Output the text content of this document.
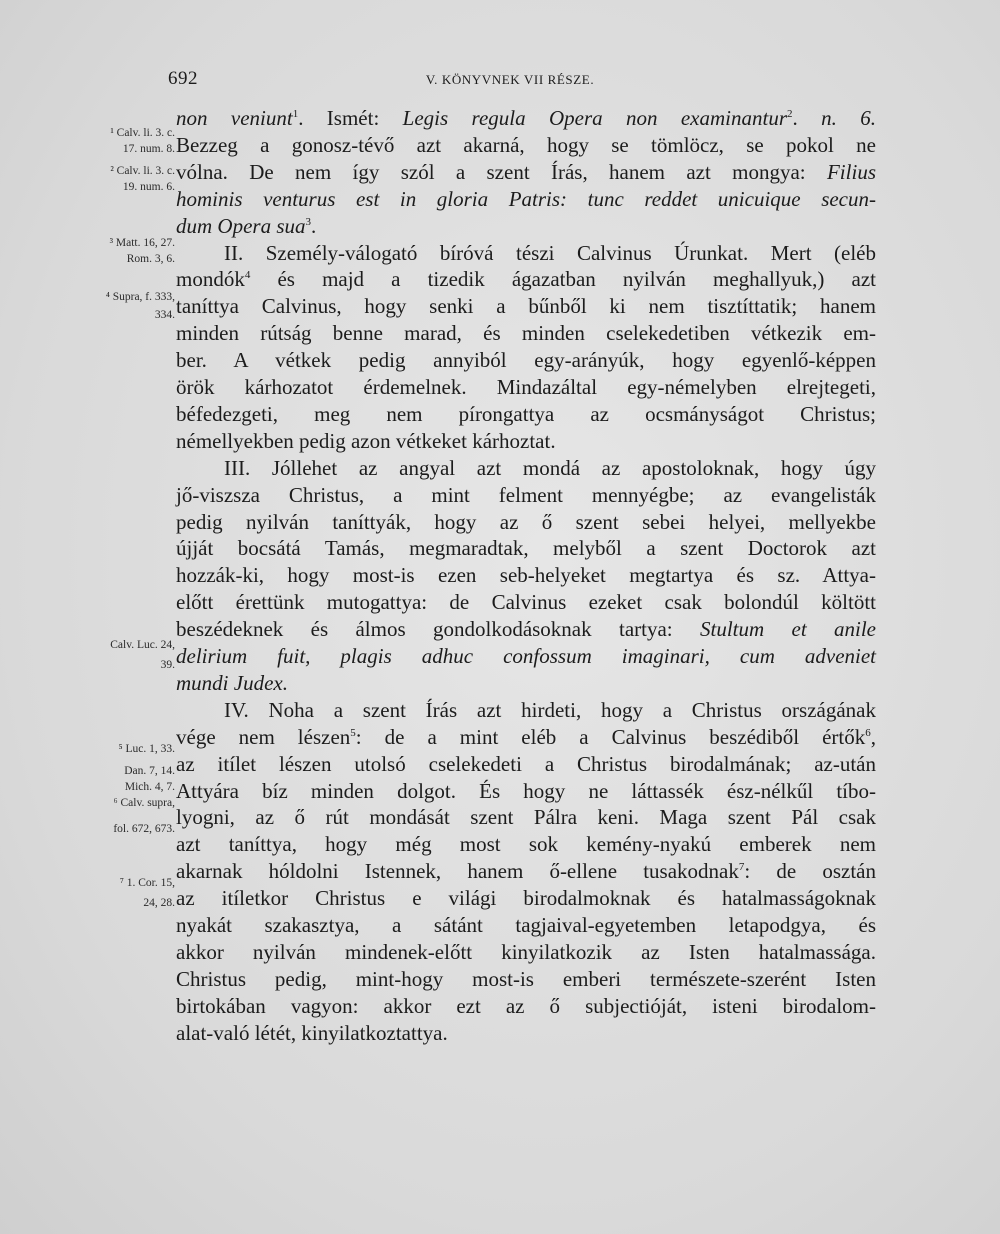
692	V. KÖNYVNEK VII RÉSZE.
¹ Calv. li. 3. c.
17. num. 8.
² Calv. li. 3. c.
19. num. 6.
³ Matt. 16, 27.
Rom. 3, 6.
⁴ Supra, f. 333,
334.
Calv. Luc. 24,
39.
⁵ Luc. 1, 33.
Dan. 7, 14.
Mich. 4, 7.
⁶ Calv. supra,
fol. 672, 673.
⁷ 1. Cor. 15,
24, 28.
non veniunt$^1$. Ismét: Legis regula Opera non examinantur$^2$. n. 6.
Bezzeg a gonosz-tévő azt akarná, hogy se tömlöcz, se pokol ne
vólna. De nem így szól a szent Írás, hanem azt mongya: Filius
hominis venturus est in gloria Patris: tunc reddet unicuique secun-
dum Opera sua$^3$.
II. Személy-válogató bíróvá tészi Calvinus Úrunkat. Mert (eléb
mondók$^4$ és majd a tizedik ágazatban nyilván meghallyuk,) azt
taníttya Calvinus, hogy senki a bűnből ki nem tisztíttatik; hanem
minden rútság benne marad, és minden cselekedetiben vétkezik em-
ber. A vétkek pedig annyiból egy-arányúk, hogy egyenlő-képpen
örök kárhozatot érdemelnek. Mindazáltal egy-némelyben elrejtegeti,
béfedezgeti, meg nem pírongattya az ocsmányságot Christus;
némellyekben pedig azon vétkeket kárhoztat.
III. Jóllehet az angyal azt mondá az apostoloknak, hogy úgy
jő-viszsza Christus, a mint felment mennyégbe; az evangelisták
pedig nyilván taníttyák, hogy az ő szent sebei helyei, mellyekbe
újját bocsátá Tamás, megmaradtak, melyből a szent Doctorok azt
hozzák-ki, hogy most-is ezen seb-helyeket megtartya és sz. Attya-
előtt érettünk mutogattya: de Calvinus ezeket csak bolondúl költött
beszédeknek és álmos gondolkodásoknak tartya: Stultum et anile
delirium fuit, plagis adhuc confossum imaginari, cum adveniet
mundi Judex.
IV. Noha a szent Írás azt hirdeti, hogy a Christus országának
vége nem lészen$^5$: de a mint eléb a Calvinus beszédiből értők$^6$,
az itílet lészen utolsó cselekedeti a Christus birodalmának; az-után
Attyára bíz minden dolgot. És hogy ne láttassék ész-nélkűl tíbo-
lyogni, az ő rút mondását szent Pálra keni. Maga szent Pál csak
azt taníttya, hogy még most sok kemény-nyakú emberek nem
akarnak hóldolni Istennek, hanem ő-ellene tusakodnak$^7$: de osztán
az itíletkor Christus e világi birodalmoknak és hatalmasságoknak
nyakát szakasztya, a sátánt tagjaival-egyetemben letapodgya, és
akkor nyilván mindenek-előtt kinyilatkozik az Isten hatalmassága.
Christus pedig, mint-hogy most-is emberi természete-szerént Isten
birtokában vagyon: akkor ezt az ő subjectióját, isteni birodalom-
alat-való létét, kinyilatkoztattya.
